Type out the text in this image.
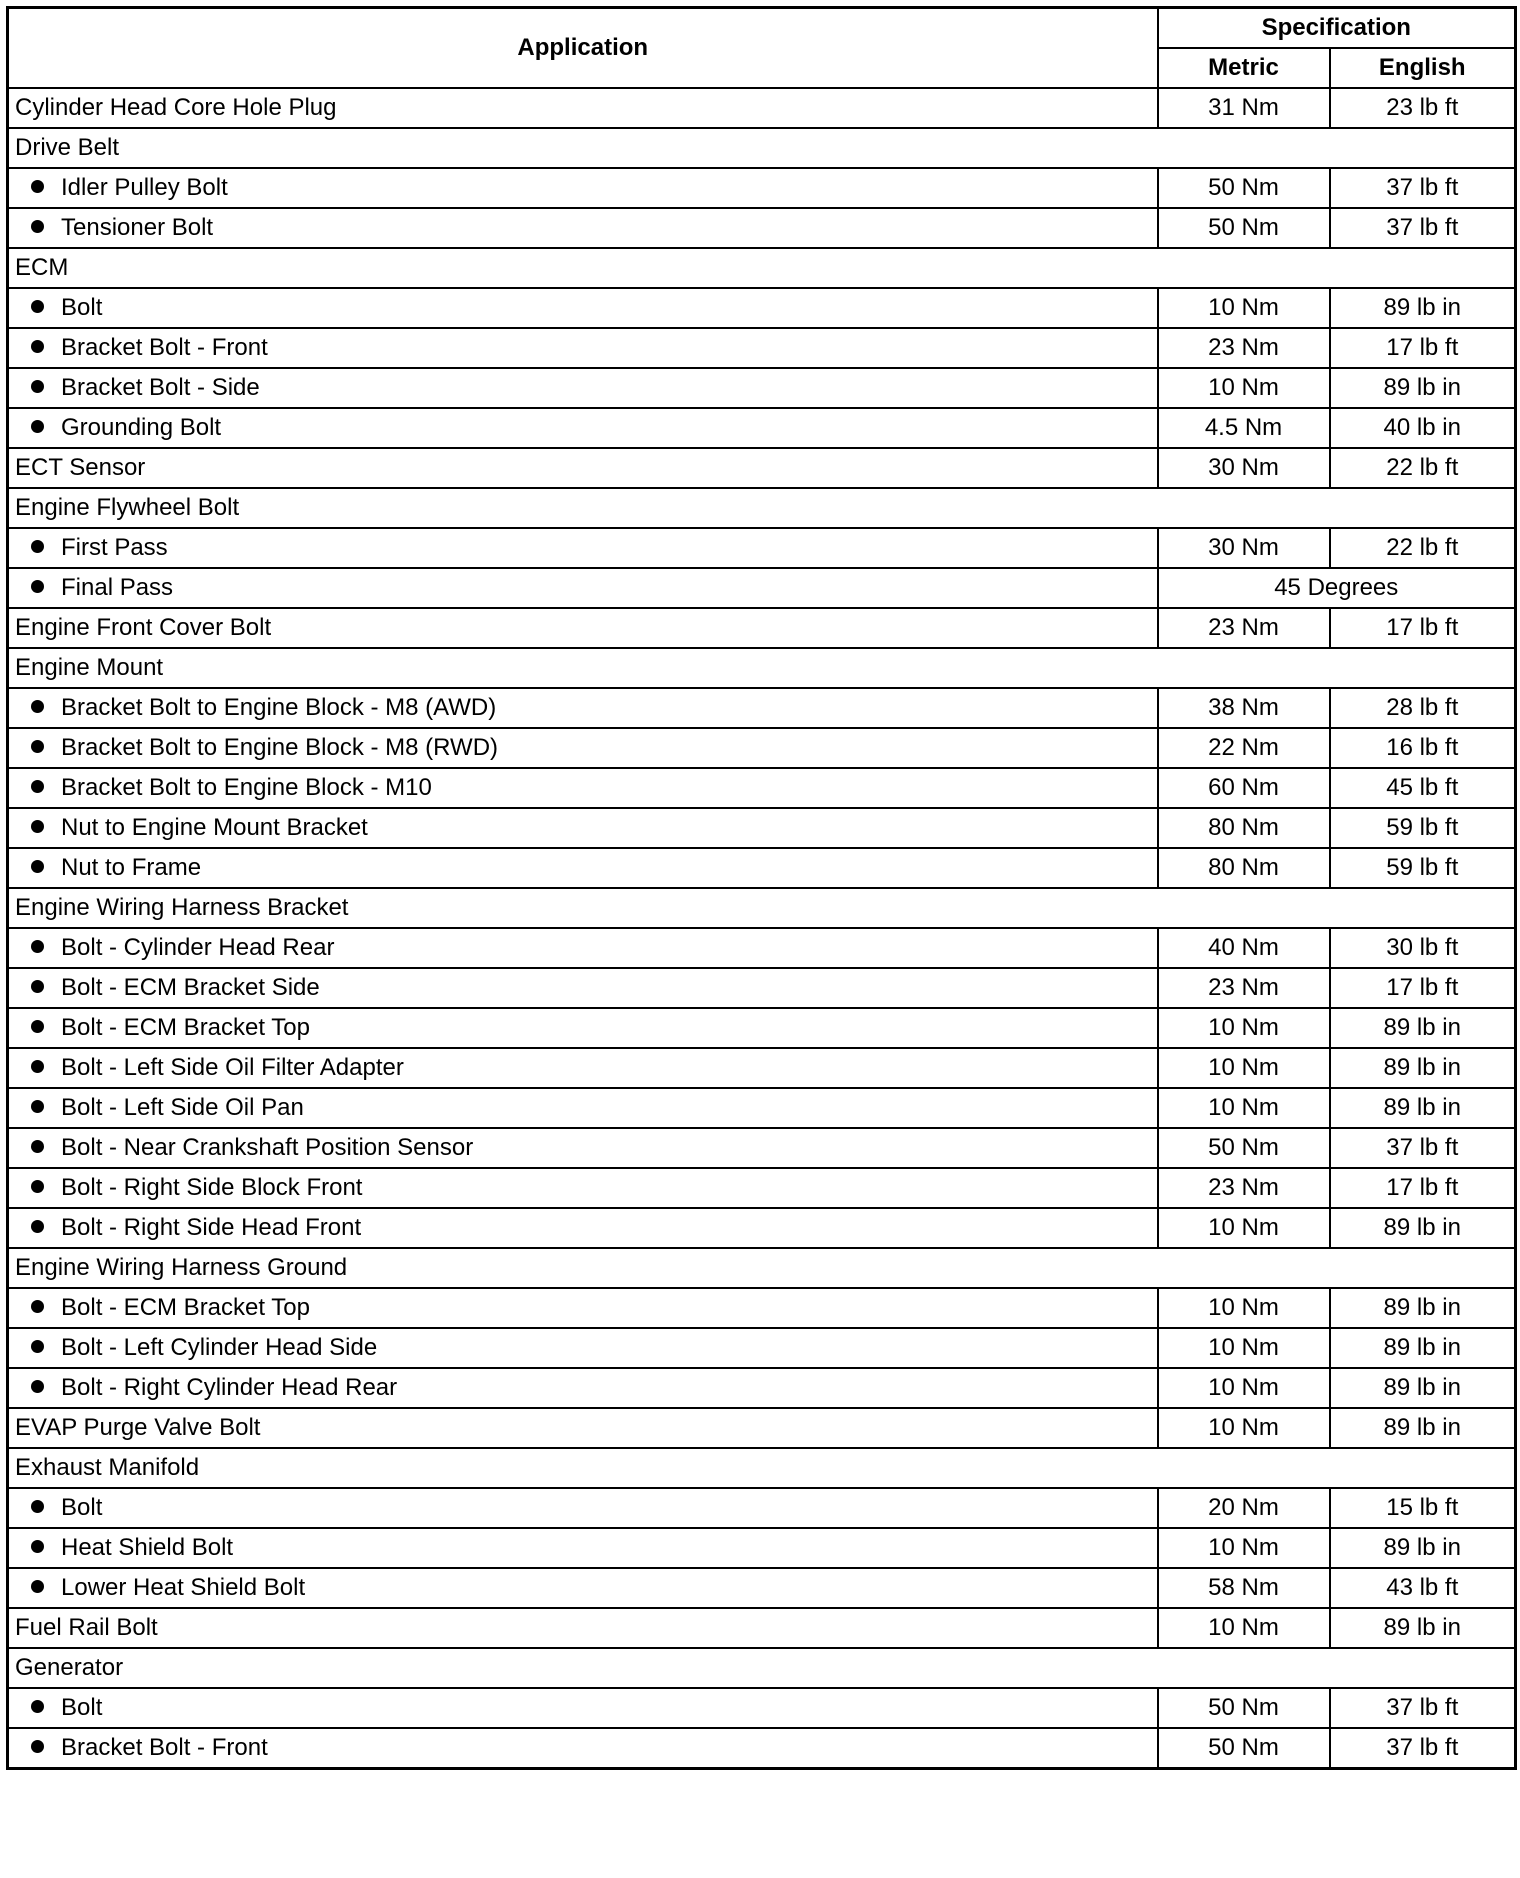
Application	Specification	
	Metric	English
Cylinder Head Core Hole Plug	31 Nm	23 lb ft
Drive Belt		
Idler Pulley Bolt	50 Nm	37 lb ft
Tensioner Bolt	50 Nm	37 lb ft
ECM		
Bolt	10 Nm	89 lb in
Bracket Bolt - Front	23 Nm	17 lb ft
Bracket Bolt - Side	10 Nm	89 lb in
Grounding Bolt	4.5 Nm	40 lb in
ECT Sensor	30 Nm	22 lb ft
Engine Flywheel Bolt		
First Pass	30 Nm	22 lb ft
Final Pass	45 Degrees	
Engine Front Cover Bolt	23 Nm	17 lb ft
Engine Mount		
Bracket Bolt to Engine Block - M8 (AWD)	38 Nm	28 lb ft
Bracket Bolt to Engine Block - M8 (RWD)	22 Nm	16 lb ft
Bracket Bolt to Engine Block - M10	60 Nm	45 lb ft
Nut to Engine Mount Bracket	80 Nm	59 lb ft
Nut to Frame	80 Nm	59 lb ft
Engine Wiring Harness Bracket		
Bolt - Cylinder Head Rear	40 Nm	30 lb ft
Bolt - ECM Bracket Side	23 Nm	17 lb ft
Bolt - ECM Bracket Top	10 Nm	89 lb in
Bolt - Left Side Oil Filter Adapter	10 Nm	89 lb in
Bolt - Left Side Oil Pan	10 Nm	89 lb in
Bolt - Near Crankshaft Position Sensor	50 Nm	37 lb ft
Bolt - Right Side Block Front	23 Nm	17 lb ft
Bolt - Right Side Head Front	10 Nm	89 lb in
Engine Wiring Harness Ground		
Bolt - ECM Bracket Top	10 Nm	89 lb in
Bolt - Left Cylinder Head Side	10 Nm	89 lb in
Bolt - Right Cylinder Head Rear	10 Nm	89 lb in
EVAP Purge Valve Bolt	10 Nm	89 lb in
Exhaust Manifold		
Bolt	20 Nm	15 lb ft
Heat Shield Bolt	10 Nm	89 lb in
Lower Heat Shield Bolt	58 Nm	43 lb ft
Fuel Rail Bolt	10 Nm	89 lb in
Generator		
Bolt	50 Nm	37 lb ft
Bracket Bolt - Front	50 Nm	37 lb ft
